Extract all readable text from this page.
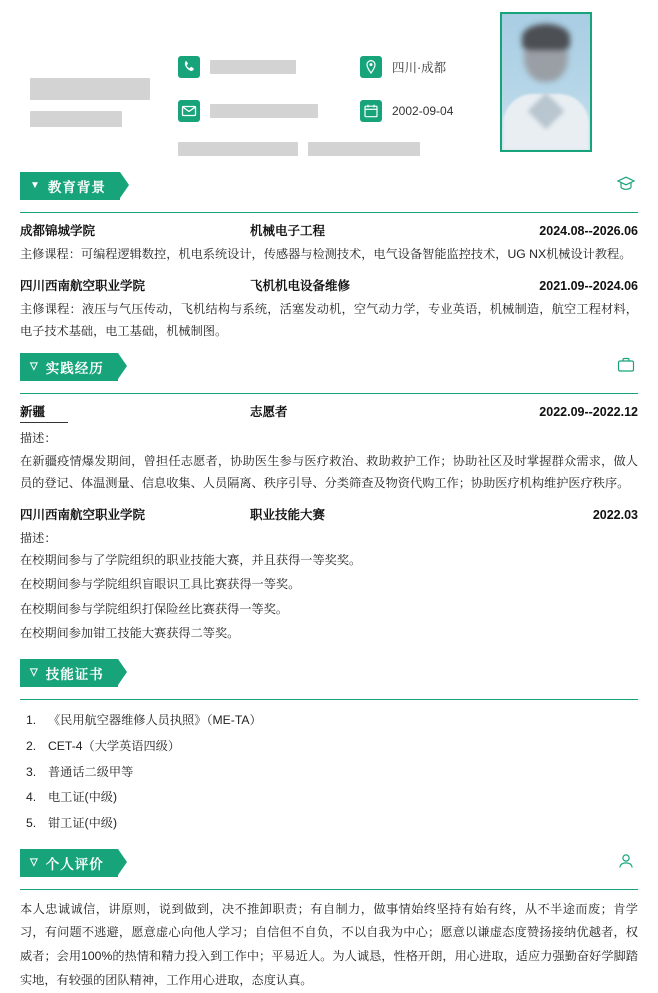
四川·成都
2002-09-04

▼ 教育背景
成都锦城学院	机械电子工程	2024.08--2026.06
主修课程：可编程逻辑数控，机电系统设计，传感器与检测技术，电气设备智能监控技术，UG NX机械设计教程。
四川西南航空职业学院	飞机机电设备维修	2021.09--2024.06
主修课程：液压与气压传动，飞机结构与系统，活塞发动机，空气动力学，专业英语，机械制造，航空工程材料，电子技术基础，电工基础，机械制图。
▽ 实践经历
新疆	志愿者	2022.09--2022.12
描述：
在新疆疫情爆发期间，曾担任志愿者，协助医生参与医疗救治、救助救护工作；协助社区及时掌握群众需求，做人员的登记、体温测量、信息收集、人员隔离、秩序引导、分类筛查及物资代购工作；协助医疗机构维护医疗秩序。
四川西南航空职业学院	职业技能大赛	2022.03
描述：
在校期间参与了学院组织的职业技能大赛，并且获得一等奖奖。
在校期间参与学院组织盲眼识工具比赛获得一等奖。
在校期间参与学院组织打保险丝比赛获得一等奖。
在校期间参加钳工技能大赛获得二等奖。
▽ 技能证书
1. 《民用航空器维修人员执照》（ME-TA）
2. CET-4（大学英语四级）
3. 普通话二级甲等
4. 电工证(中级)
5. 钳工证(中级)
▽ 个人评价
本人忠诚诚信，讲原则，说到做到，决不推卸职责；有自制力，做事情始终坚持有始有终，从不半途而废；肯学习，有问题不逃避，愿意虚心向他人学习；自信但不自负，不以自我为中心；愿意以谦虚态度赞扬接纳优越者，权威者；会用100%的热情和精力投入到工作中；平易近人。为人诚恳，性格开朗，用心进取，适应力强勤奋好学脚踏实地，有较强的团队精神，工作用心进取，态度认真。
